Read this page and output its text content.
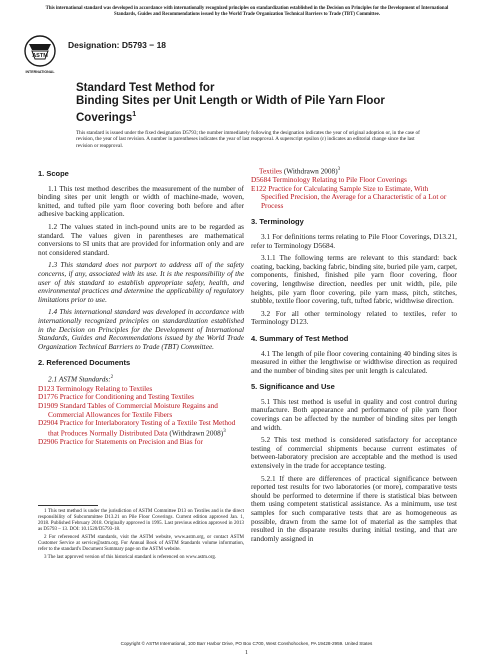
This international standard was developed in accordance with internationally recognized principles on standardization established in the Decision on Principles for the Development of International Standards, Guides and Recommendations issued by the World Trade Organization Technical Barriers to Trade (TBT) Committee.
ASTM
INTERNATIONAL
Designation: D5793 − 18
Standard Test Method for
Binding Sites per Unit Length or Width of Pile Yarn Floor Coverings$^1$
This standard is issued under the fixed designation D5793; the number immediately following the designation indicates the year of original adoption or, in the case of revision, the year of last revision. A number in parentheses indicates the year of last reapproval. A superscript epsilon (ε) indicates an editorial change since the last revision or reapproval.
1. Scope

1.1 This test method describes the measurement of the number of binding sites per unit length or width of machine-made, woven, knitted, and tufted pile yarn floor covering both before and after adhesive backing application.

1.2 The values stated in inch-pound units are to be regarded as standard. The values given in parentheses are mathematical conversions to SI units that are provided for information only and are not considered standard.

1.3 This standard does not purport to address all of the safety concerns, if any, associated with its use. It is the responsibility of the user of this standard to establish appropriate safety, health, and environmental practices and determine the applicability of regulatory limitations prior to use.

1.4 This international standard was developed in accordance with internationally recognized principles on standardization established in the Decision on Principles for the Development of International Standards, Guides and Recommendations issued by the World Trade Organization Technical Barriers to Trade (TBT) Committee.

2. Referenced Documents

2.1 ASTM Standards:$^2$

D123 Terminology Relating to Textiles
D1776 Practice for Conditioning and Testing Textiles
D1909 Standard Tables of Commercial Moisture Regains and Commercial Allowances for Textile Fibers
D2904 Practice for Interlaboratory Testing of a Textile Test Method that Produces Normally Distributed Data (Withdrawn 2008)$^3$
D2906 Practice for Statements on Precision and Bias for

1 This test method is under the jurisdiction of ASTM Committee D13 on Textiles and is the direct responsibility of Subcommittee D13.21 on Pile Floor Coverings. Current edition approved Jan. 1, 2018. Published February 2018. Originally approved in 1995. Last previous edition approved in 2013 as D5793 – 13. DOI: 10.1520/D5793-18.

2 For referenced ASTM standards, visit the ASTM website, www.astm.org, or contact ASTM Customer Service at service@astm.org. For Annual Book of ASTM Standards volume information, refer to the standard's Document Summary page on the ASTM website.

3 The last approved version of this historical standard is referenced on www.astm.org.

Textiles (Withdrawn 2008)$^3$
D5684 Terminology Relating to Pile Floor Coverings
E122 Practice for Calculating Sample Size to Estimate, With Specified Precision, the Average for a Characteristic of a Lot or Process
3. Terminology

3.1 For definitions terms relating to Pile Floor Coverings, D13.21, refer to Terminology D5684.

3.1.1 The following terms are relevant to this standard: back coating, backing, backing fabric, binding site, buried pile yarn, carpet, components, finished, finished pile yarn floor covering, floor covering, lengthwise direction, needles per unit width, pile, pile heights, pile yarn floor covering, pile yarn mass, pitch, stitches, stubble, textile floor covering, tuft, tufted fabric, widthwise direction.

3.2 For all other terminology related to textiles, refer to Terminology D123.

4. Summary of Test Method

4.1 The length of pile floor covering containing 40 binding sites is measured in either the lengthwise or widthwise direction as required and the number of binding sites per unit length is calculated.

5. Significance and Use

5.1 This test method is useful in quality and cost control during manufacture. Both appearance and performance of pile yarn floor coverings can be affected by the number of binding sites per length and width.

5.2 This test method is considered satisfactory for acceptance testing of commercial shipments because current estimates of between-laboratory precision are acceptable and the method is used extensively in the trade for acceptance testing.

5.2.1 If there are differences of practical significance between reported test results for two laboratories (or more), comparative tests should be performed to determine if there is statistical bias between them using competent statistical assistance. As a minimum, use test samples for such comparative tests that are as homogeneous as possible, drawn from the same lot of material as the samples that resulted in the disparate results during initial testing, and that are randomly assigned in

Copyright © ASTM International, 100 Barr Harbor Drive, PO Box C700, West Conshohocken, PA 19428-2959. United States
1
